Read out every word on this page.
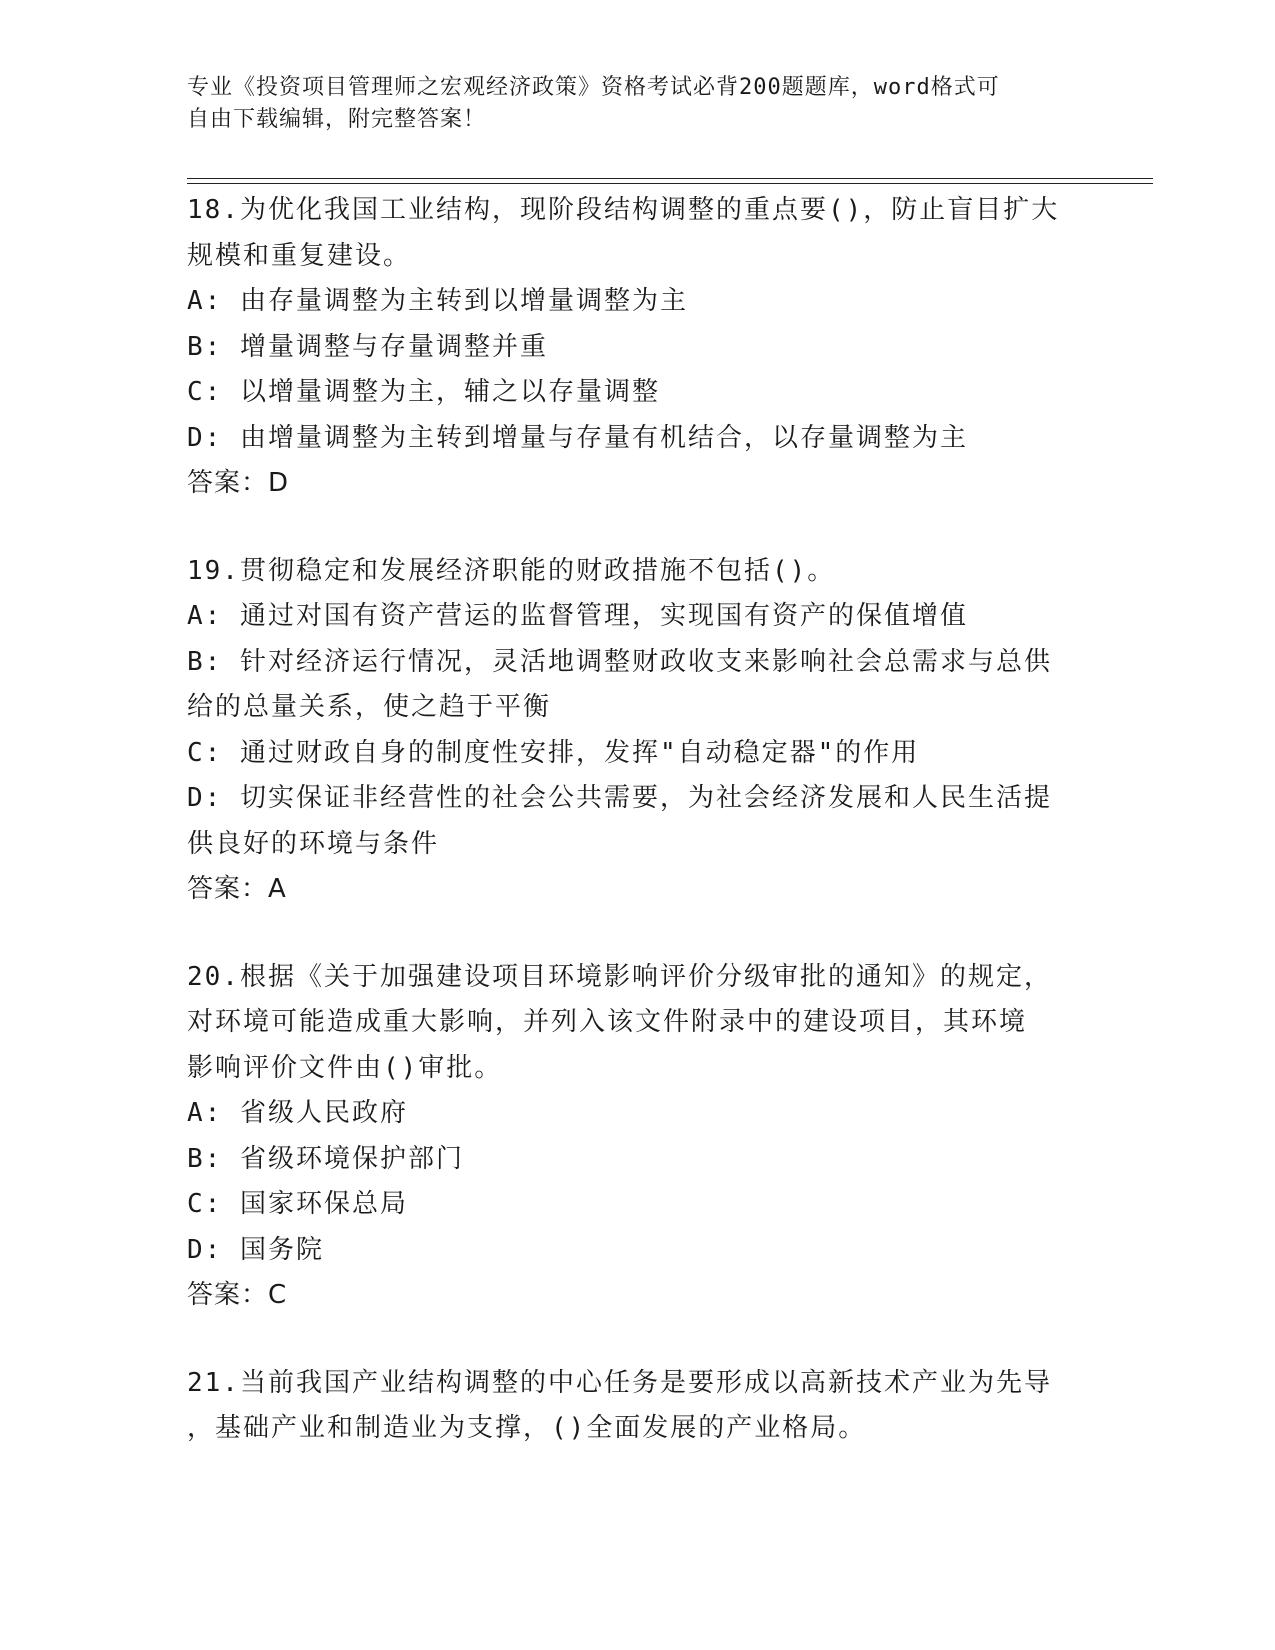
专业《投资项目管理师之宏观经济政策》资格考试必背200题题库，word格式可
自由下载编辑，附完整答案！
18.为优化我国工业结构，现阶段结构调整的重点要()，防止盲目扩大
规模和重复建设。
A: 由存量调整为主转到以增量调整为主
B: 增量调整与存量调整并重
C: 以增量调整为主，辅之以存量调整
D: 由增量调整为主转到增量与存量有机结合，以存量调整为主
答案：D
19.贯彻稳定和发展经济职能的财政措施不包括()。
A: 通过对国有资产营运的监督管理，实现国有资产的保值增值
B: 针对经济运行情况，灵活地调整财政收支来影响社会总需求与总供
给的总量关系，使之趋于平衡
C: 通过财政自身的制度性安排，发挥"自动稳定器"的作用
D: 切实保证非经营性的社会公共需要，为社会经济发展和人民生活提
供良好的环境与条件
答案：A
20.根据《关于加强建设项目环境影响评价分级审批的通知》的规定，
对环境可能造成重大影响，并列入该文件附录中的建设项目，其环境
影响评价文件由()审批。
A: 省级人民政府
B: 省级环境保护部门
C: 国家环保总局
D: 国务院
答案：C
21.当前我国产业结构调整的中心任务是要形成以高新技术产业为先导
，基础产业和制造业为支撑，()全面发展的产业格局。
